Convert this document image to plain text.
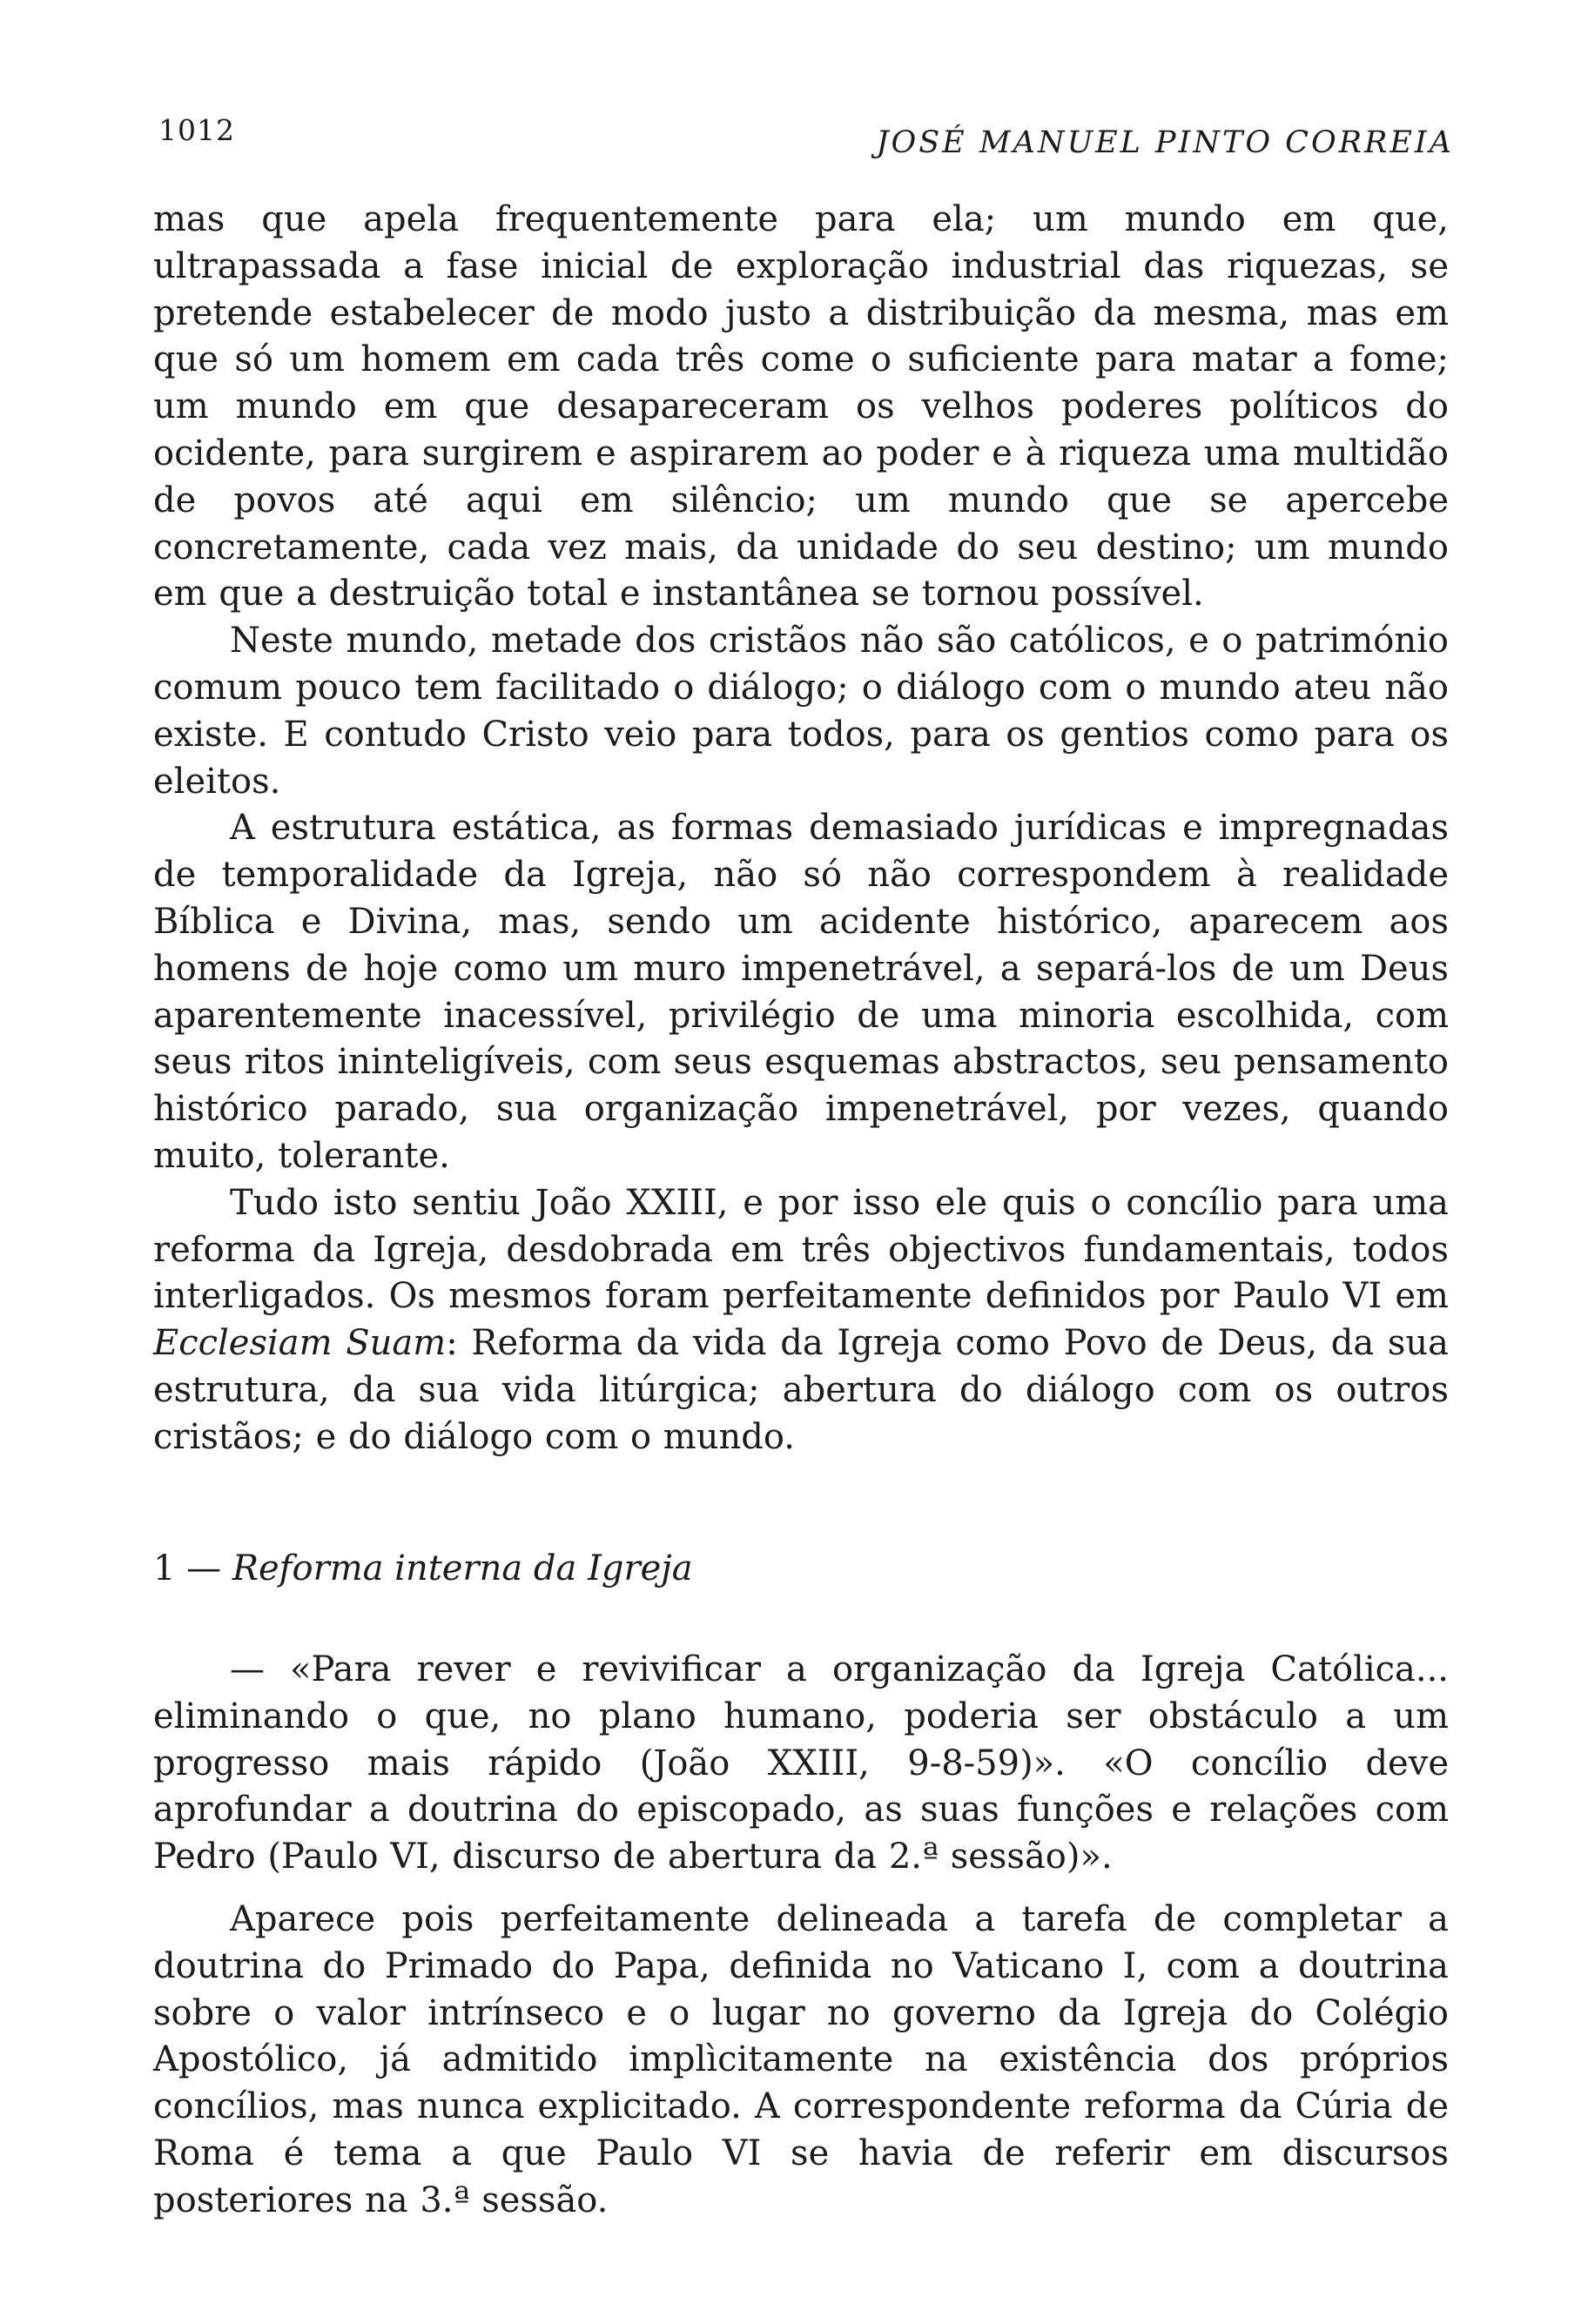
1012	JOSÉ MANUEL PINTO CORREIA

mas que apela frequentemente para ela; um mundo em que, ultrapassada a fase inicial de exploração industrial das riquezas, se pretende estabelecer de modo justo a distribuição da mesma, mas em que só um homem em cada três come o suficiente para matar a fome; um mundo em que desapareceram os velhos poderes políticos do ocidente, para surgirem e aspirarem ao poder e à riqueza uma multidão de povos até aqui em silêncio; um mundo que se apercebe concretamente, cada vez mais, da unidade do seu destino; um mundo em que a destruição total e instantânea se tornou possível.

Neste mundo, metade dos cristãos não são católicos, e o património comum pouco tem facilitado o diálogo; o diálogo com o mundo ateu não existe. E contudo Cristo veio para todos, para os gentios como para os eleitos.

A estrutura estática, as formas demasiado jurídicas e impregnadas de temporalidade da Igreja, não só não correspondem à realidade Bíblica e Divina, mas, sendo um acidente histórico, aparecem aos homens de hoje como um muro impenetrável, a separá-los de um Deus aparentemente inacessível, privilégio de uma minoria escolhida, com seus ritos ininteligíveis, com seus esquemas abstractos, seu pensamento histórico parado, sua organização impenetrável, por vezes, quando muito, tolerante.

Tudo isto sentiu João XXIII, e por isso ele quis o concílio para uma reforma da Igreja, desdobrada em três objectivos fundamentais, todos interligados. Os mesmos foram perfeitamente definidos por Paulo VI em Ecclesiam Suam: Reforma da vida da Igreja como Povo de Deus, da sua estrutura, da sua vida litúrgica; abertura do diálogo com os outros cristãos; e do diálogo com o mundo.

1 — Reforma interna da Igreja

— «Para rever e revivificar a organização da Igreja Católica... eliminando o que, no plano humano, poderia ser obstáculo a um progresso mais rápido (João XXIII, 9-8-59)». «O concílio deve aprofundar a doutrina do episcopado, as suas funções e relações com Pedro (Paulo VI, discurso de abertura da 2.ª sessão)».

Aparece pois perfeitamente delineada a tarefa de completar a doutrina do Primado do Papa, definida no Vaticano I, com a doutrina sobre o valor intrínseco e o lugar no governo da Igreja do Colégio Apostólico, já admitido implìcitamente na existência dos próprios concílios, mas nunca explicitado. A correspondente reforma da Cúria de Roma é tema a que Paulo VI se havia de referir em discursos posteriores na 3.ª sessão.
